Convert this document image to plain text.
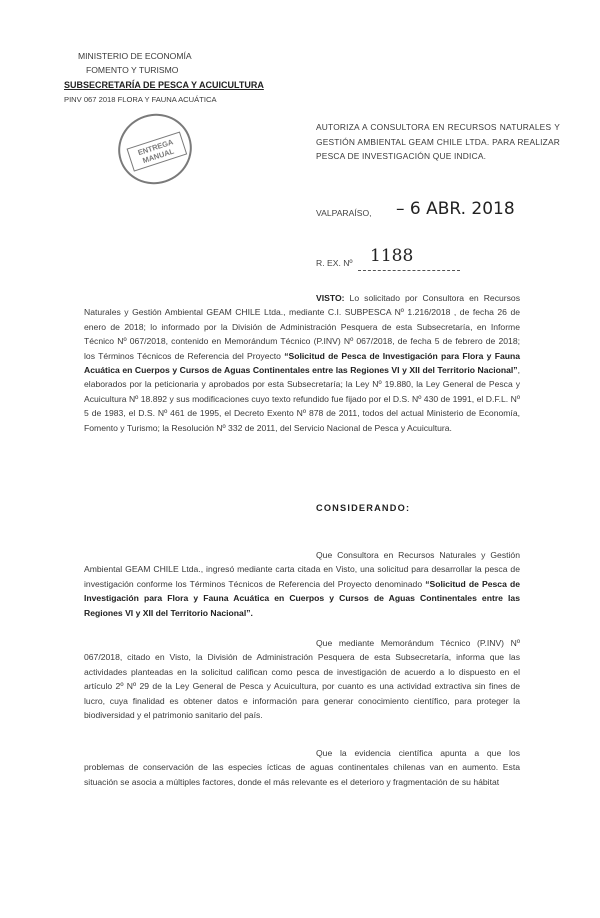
MINISTERIO DE ECONOMÍA
FOMENTO Y TURISMO
SUBSECRETARÍA DE PESCA Y ACUICULTURA
PINV 067 2018 FLORA Y FAUNA ACUÁTICA
ENTREGA MANUAL
AUTORIZA A CONSULTORA EN RECURSOS NATURALES Y GESTIÓN AMBIENTAL GEAM CHILE LTDA. PARA REALIZAR PESCA DE INVESTIGACIÓN QUE INDICA.
VALPARAÍSO, – 6 ABR. 2018
R. EX. Nº 1188
VISTO: Lo solicitado por Consultora en Recursos Naturales y Gestión Ambiental GEAM CHILE Ltda., mediante C.I. SUBPESCA Nº 1.216/2018 , de fecha 26 de enero de 2018; lo informado por la División de Administración Pesquera de esta Subsecretaría, en Informe Técnico Nº 067/2018, contenido en Memorándum Técnico (P.INV) Nº 067/2018, de fecha 5 de febrero de 2018; los Términos Técnicos de Referencia del Proyecto “Solicitud de Pesca de Investigación para Flora y Fauna Acuática en Cuerpos y Cursos de Aguas Continentales entre las Regiones VI y XII del Territorio Nacional”, elaborados por la peticionaria y aprobados por esta Subsecretaría; la Ley Nº 19.880, la Ley General de Pesca y Acuicultura Nº 18.892 y sus modificaciones cuyo texto refundido fue fijado por el D.S. Nº 430 de 1991, el D.F.L. Nº 5 de 1983, el D.S. Nº 461 de 1995, el Decreto Exento Nº 878 de 2011, todos del actual Ministerio de Economía, Fomento y Turismo; la Resolución Nº 332 de 2011, del Servicio Nacional de Pesca y Acuicultura.
CONSIDERANDO:
Que Consultora en Recursos Naturales y Gestión Ambiental GEAM CHILE Ltda., ingresó mediante carta citada en Visto, una solicitud para desarrollar la pesca de investigación conforme los Términos Técnicos de Referencia del Proyecto denominado “Solicitud de Pesca de Investigación para Flora y Fauna Acuática en Cuerpos y Cursos de Aguas Continentales entre las Regiones VI y XII del Territorio Nacional”.
Que mediante Memorándum Técnico (P.INV) Nº 067/2018, citado en Visto, la División de Administración Pesquera de esta Subsecretaría, informa que las actividades planteadas en la solicitud califican como pesca de investigación de acuerdo a lo dispuesto en el artículo 2º Nº 29 de la Ley General de Pesca y Acuicultura, por cuanto es una actividad extractiva sin fines de lucro, cuya finalidad es obtener datos e información para generar conocimiento científico, para proteger la biodiversidad y el patrimonio sanitario del país.
Que la evidencia científica apunta a que los problemas de conservación de las especies ícticas de aguas continentales chilenas van en aumento. Esta situación se asocia a múltiples factores, donde el más relevante es el deterioro y fragmentación de su hábitat
